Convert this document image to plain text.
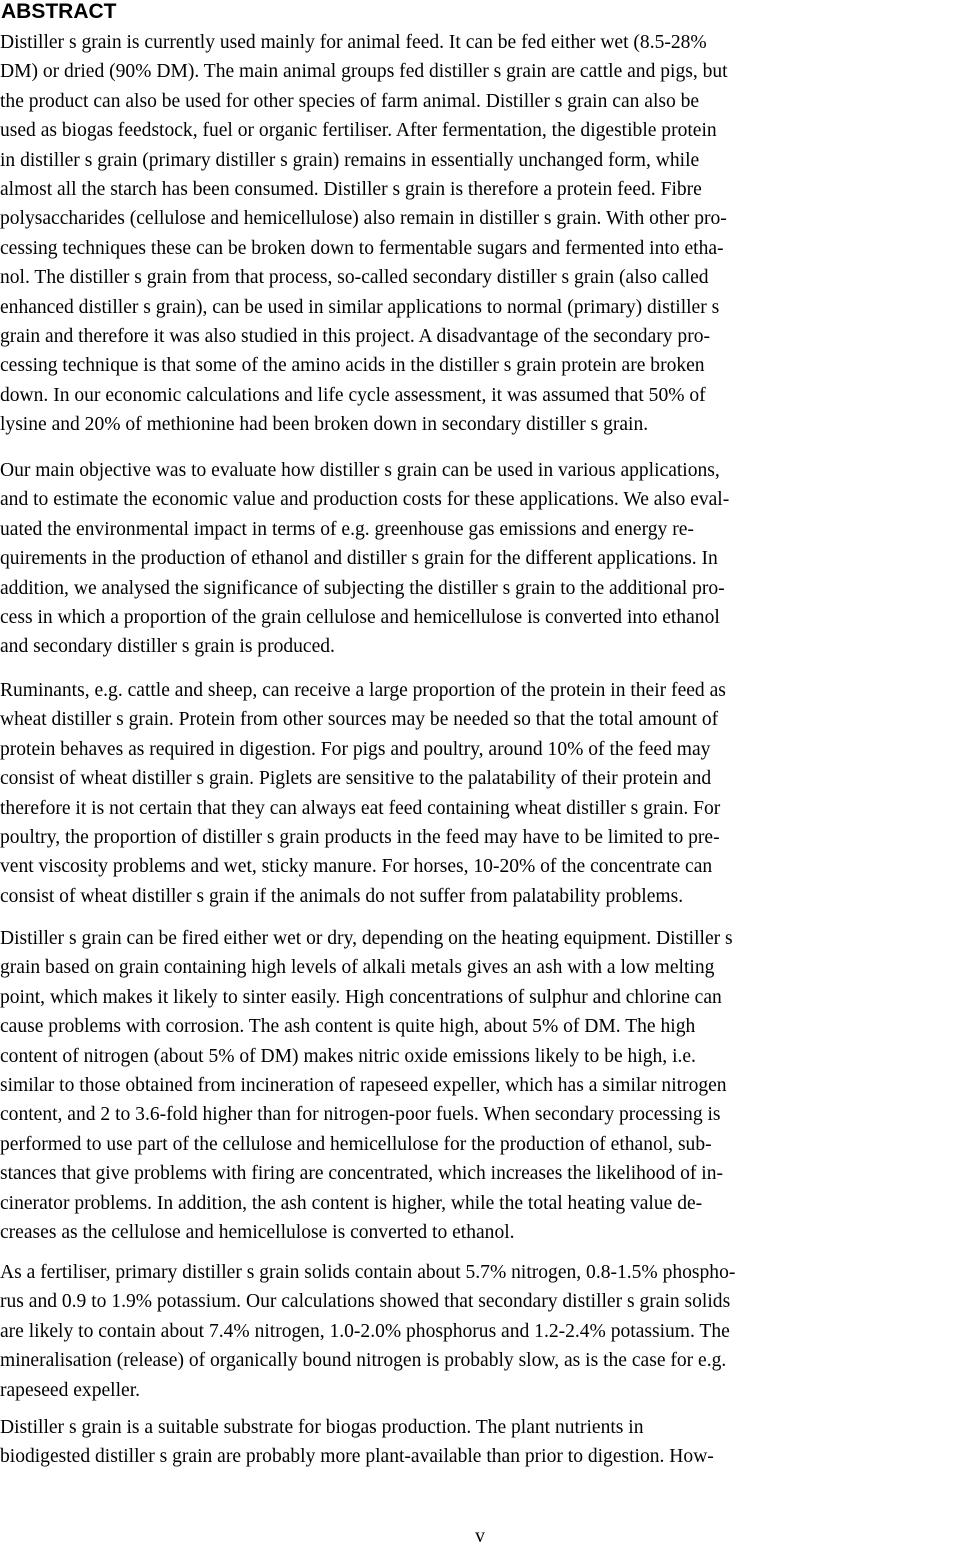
ABSTRACT
Distiller s grain is currently used mainly for animal feed. It can be fed either wet (8.5-28%
DM) or dried (90% DM). The main animal groups fed distiller s grain are cattle and pigs, but
the product can also be used for other species of farm animal. Distiller s grain can also be
used as biogas feedstock, fuel or organic fertiliser. After fermentation, the digestible protein
in distiller s grain (primary distiller s grain) remains in essentially unchanged form, while
almost all the starch has been consumed. Distiller s grain is therefore a protein feed. Fibre
polysaccharides (cellulose and hemicellulose) also remain in distiller s grain. With other pro-
cessing techniques these can be broken down to fermentable sugars and fermented into etha-
nol. The distiller s grain from that process, so-called secondary distiller s grain (also called
enhanced distiller s grain), can be used in similar applications to normal (primary) distiller s
grain and therefore it was also studied in this project. A disadvantage of the secondary pro-
cessing technique is that some of the amino acids in the distiller s grain protein are broken
down. In our economic calculations and life cycle assessment, it was assumed that 50% of
lysine and 20% of methionine had been broken down in secondary distiller s grain.
Our main objective was to evaluate how distiller s grain can be used in various applications,
and to estimate the economic value and production costs for these applications. We also eval-
uated the environmental impact in terms of e.g. greenhouse gas emissions and energy re-
quirements in the production of ethanol and distiller s grain for the different applications. In
addition, we analysed the significance of subjecting the distiller s grain to the additional pro-
cess in which a proportion of the grain cellulose and hemicellulose is converted into ethanol
and secondary distiller s grain is produced.
Ruminants, e.g. cattle and sheep, can receive a large proportion of the protein in their feed as
wheat distiller s grain. Protein from other sources may be needed so that the total amount of
protein behaves as required in digestion. For pigs and poultry, around 10% of the feed may
consist of wheat distiller s grain. Piglets are sensitive to the palatability of their protein and
therefore it is not certain that they can always eat feed containing wheat distiller s grain. For
poultry, the proportion of distiller s grain products in the feed may have to be limited to pre-
vent viscosity problems and wet, sticky manure. For horses, 10-20% of the concentrate can
consist of wheat distiller s grain if the animals do not suffer from palatability problems.
Distiller s grain can be fired either wet or dry, depending on the heating equipment. Distiller s
grain based on grain containing high levels of alkali metals gives an ash with a low melting
point, which makes it likely to sinter easily. High concentrations of sulphur and chlorine can
cause problems with corrosion. The ash content is quite high, about 5% of DM. The high
content of nitrogen (about 5% of DM) makes nitric oxide emissions likely to be high, i.e.
similar to those obtained from incineration of rapeseed expeller, which has a similar nitrogen
content, and 2 to 3.6-fold higher than for nitrogen-poor fuels. When secondary processing is
performed to use part of the cellulose and hemicellulose for the production of ethanol, sub-
stances that give problems with firing are concentrated, which increases the likelihood of in-
cinerator problems. In addition, the ash content is higher, while the total heating value de-
creases as the cellulose and hemicellulose is converted to ethanol.
As a fertiliser, primary distiller s grain solids contain about 5.7% nitrogen, 0.8-1.5% phospho-
rus and 0.9 to 1.9% potassium. Our calculations showed that secondary distiller s grain solids
are likely to contain about 7.4% nitrogen, 1.0-2.0% phosphorus and 1.2-2.4% potassium. The
mineralisation (release) of organically bound nitrogen is probably slow, as is the case for e.g.
rapeseed expeller.
Distiller s grain is a suitable substrate for biogas production. The plant nutrients in
biodigested distiller s grain are probably more plant-available than prior to digestion. How-
v
